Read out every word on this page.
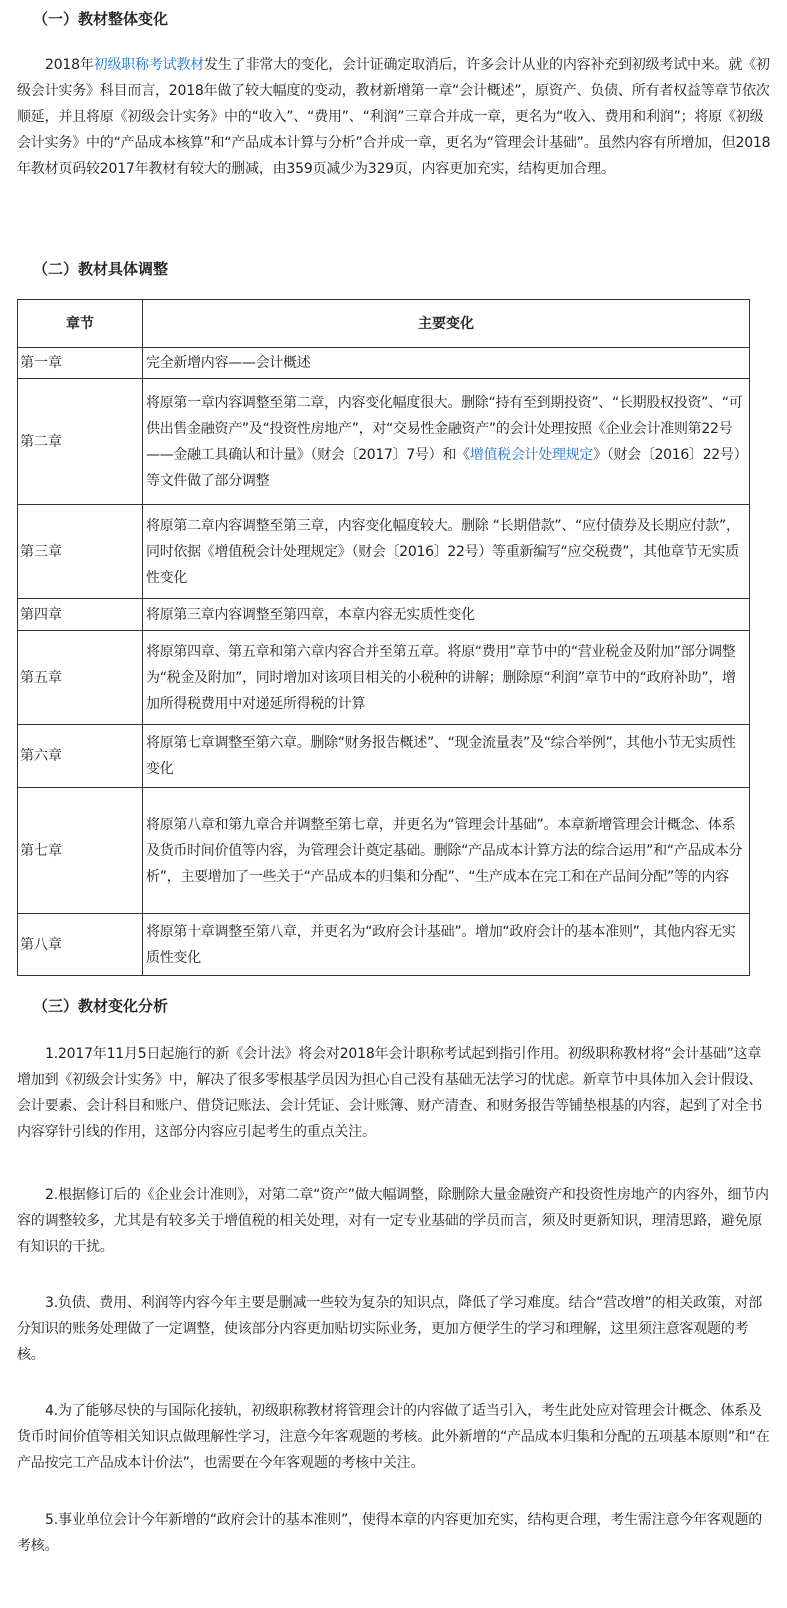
（一）教材整体变化

2018年初级职称考试教材发生了非常大的变化，会计证确定取消后，许多会计从业的内容补充到初级考试中来。就《初级会计实务》科目而言，2018年做了较大幅度的变动，教材新增第一章“会计概述”，原资产、负债、所有者权益等章节依次顺延，并且将原《初级会计实务》中的“收入”、“费用”、“利润”三章合并成一章，更名为“收入、费用和利润”；将原《初级会计实务》中的“产品成本核算”和“产品成本计算与分析”合并成一章，更名为“管理会计基础”。虽然内容有所增加，但2018年教材页码较2017年教材有较大的删减，由359页减少为329页，内容更加充实，结构更加合理。

（二）教材具体调整
章节	主要变化
第一章	完全新增内容——会计概述
第二章	将原第一章内容调整至第二章，内容变化幅度很大。删除“持有至到期投资”、“长期股权投资”、“可供出售金融资产”及“投资性房地产”，对“交易性金融资产”的会计处理按照《企业会计准则第22号——金融工具确认和计量》（财会〔2017〕7号）和《增值税会计处理规定》（财会〔2016〕22号）等文件做了部分调整
第三章	将原第二章内容调整至第三章，内容变化幅度较大。删除 “长期借款”、“应付债券及长期应付款”，同时依据《增值税会计处理规定》（财会〔2016〕22号）等重新编写“应交税费”，其他章节无实质性变化
第四章	将原第三章内容调整至第四章，本章内容无实质性变化
第五章	将原第四章、第五章和第六章内容合并至第五章。将原“费用”章节中的“营业税金及附加”部分调整为“税金及附加”，同时增加对该项目相关的小税种的讲解；删除原“利润”章节中的“政府补助”，增加所得税费用中对递延所得税的计算
第六章	将原第七章调整至第六章。删除“财务报告概述”、“现金流量表”及“综合举例”，其他小节无实质性变化
第七章	将原第八章和第九章合并调整至第七章，并更名为“管理会计基础”。本章新增管理会计概念、体系及货币时间价值等内容，为管理会计奠定基础。删除“产品成本计算方法的综合运用”和“产品成本分析”，主要增加了一些关于“产品成本的归集和分配”、“生产成本在完工和在产品间分配”等的内容
第八章	将原第十章调整至第八章，并更名为“政府会计基础”。增加“政府会计的基本准则”，其他内容无实质性变化
（三）教材变化分析

1.2017年11月5日起施行的新《会计法》将会对2018年会计职称考试起到指引作用。初级职称教材将“会计基础”这章增加到《初级会计实务》中，解决了很多零根基学员因为担心自己没有基础无法学习的忧虑。新章节中具体加入会计假设、会计要素、会计科目和账户、借贷记账法、会计凭证、会计账簿、财产清查、和财务报告等铺垫根基的内容，起到了对全书内容穿针引线的作用，这部分内容应引起考生的重点关注。

2.根据修订后的《企业会计准则》，对第二章“资产”做大幅调整，除删除大量金融资产和投资性房地产的内容外，细节内容的调整较多，尤其是有较多关于增值税的相关处理，对有一定专业基础的学员而言，须及时更新知识，理清思路，避免原有知识的干扰。

3.负债、费用、利润等内容今年主要是删减一些较为复杂的知识点，降低了学习难度。结合“营改增”的相关政策，对部分知识的账务处理做了一定调整，使该部分内容更加贴切实际业务，更加方便学生的学习和理解，这里须注意客观题的考核。

4.为了能够尽快的与国际化接轨，初级职称教材将管理会计的内容做了适当引入，考生此处应对管理会计概念、体系及货币时间价值等相关知识点做理解性学习，注意今年客观题的考核。此外新增的“产品成本归集和分配的五项基本原则”和“在产品按完工产品成本计价法”，也需要在今年客观题的考核中关注。

5.事业单位会计今年新增的“政府会计的基本准则”，使得本章的内容更加充实，结构更合理，考生需注意今年客观题的考核。
